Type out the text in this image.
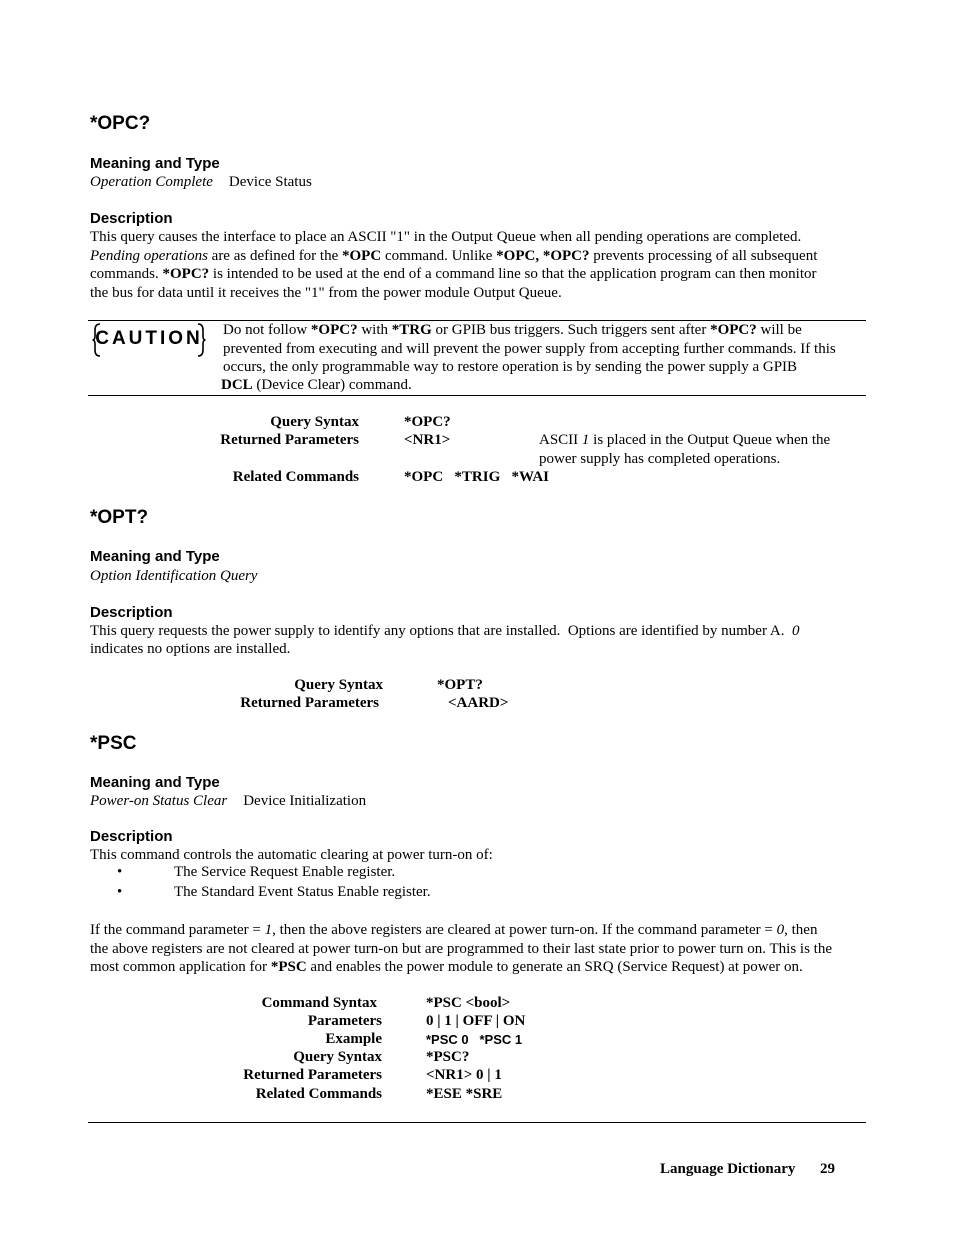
*OPC?
Meaning and Type
Operation Complete Device Status
Description
This query causes the interface to place an ASCII "1" in the Output Queue when all pending operations are completed.
Pending operations are as defined for the *OPC command. Unlike *OPC, *OPC? prevents processing of all subsequent
commands. *OPC? is intended to be used at the end of a command line so that the application program can then monitor
the bus for data until it receives the "1" from the power module Output Queue.
CAUTION Do not follow *OPC? with *TRG or GPIB bus triggers. Such triggers sent after *OPC? will be
prevented from executing and will prevent the power supply from accepting further commands. If this
occurs, the only programmable way to restore operation is by sending the power supply a GPIB
DCL (Device Clear) command.
Query Syntax	*OPC?
Returned Parameters	<NR1>	ASCII 1 is placed in the Output Queue when the
power supply has completed operations.
Related Commands	*OPC   *TRIG   *WAI
*OPT?
Meaning and Type
Option Identification Query
Description
This query requests the power supply to identify any options that are installed.  Options are identified by number A.  0
indicates no options are installed.
Query Syntax	*OPT?
Returned Parameters	<AARD>
*PSC
Meaning and Type
Power-on Status Clear Device Initialization
Description
This command controls the automatic clearing at power turn-on of:
•	The Service Request Enable register.
•	The Standard Event Status Enable register.
If the command parameter = 1, then the above registers are cleared at power turn-on. If the command parameter = 0, then
the above registers are not cleared at power turn-on but are programmed to their last state prior to power turn on. This is the
most common application for *PSC and enables the power module to generate an SRQ (Service Request) at power on.
Command Syntax	*PSC <bool>
Parameters	0 | 1 | OFF | ON
Example	*PSC 0   *PSC 1
Query Syntax	*PSC?
Returned Parameters	<NR1> 0 | 1
Related Commands	*ESE *SRE
Language Dictionary 29
